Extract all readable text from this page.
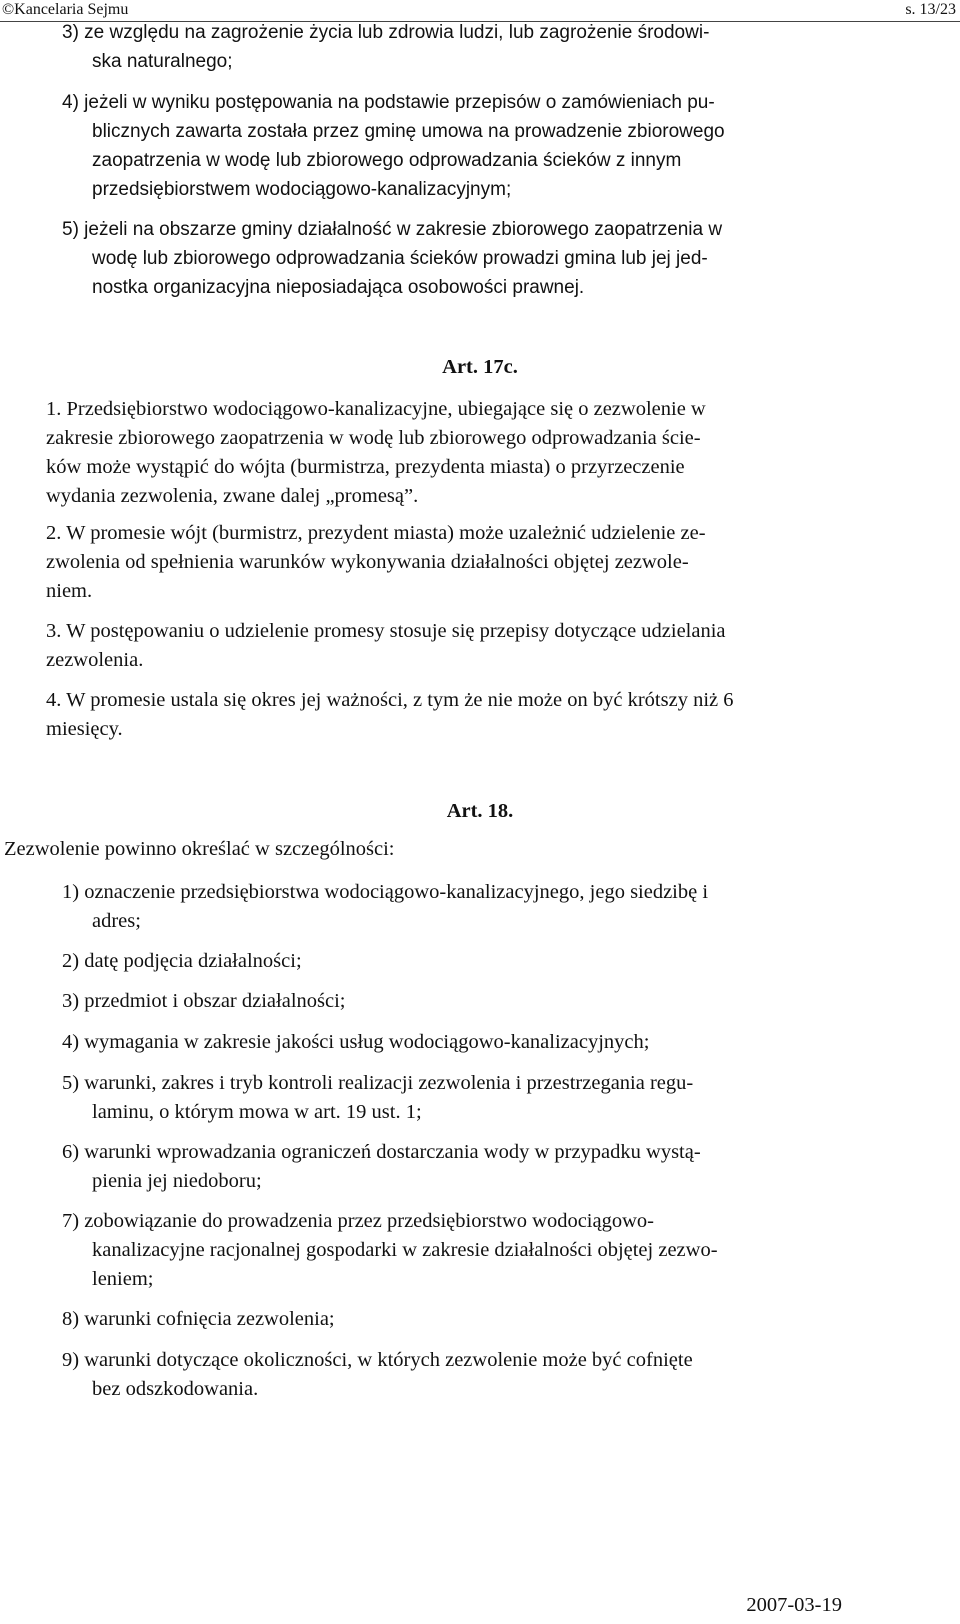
©Kancelaria Sejmu	s. 13/23
3) ze względu na zagrożenie życia lub zdrowia ludzi, lub zagrożenie środowi-
ska naturalnego;
4) jeżeli w wyniku postępowania na podstawie przepisów o zamówieniach pu-
blicznych zawarta została przez gminę umowa na prowadzenie zbiorowego
zaopatrzenia w wodę lub zbiorowego odprowadzania ścieków z innym
przedsiębiorstwem wodociągowo-kanalizacyjnym;
5) jeżeli na obszarze gminy działalność w zakresie zbiorowego zaopatrzenia w
wodę lub zbiorowego odprowadzania ścieków prowadzi gmina lub jej jed-
nostka organizacyjna nieposiadająca osobowości prawnej.
Art. 17c.
1. Przedsiębiorstwo wodociągowo-kanalizacyjne, ubiegające się o zezwolenie w
zakresie zbiorowego zaopatrzenia w wodę lub zbiorowego odprowadzania ście-
ków może wystąpić do wójta (burmistrza, prezydenta miasta) o przyrzeczenie
wydania zezwolenia, zwane dalej „promesą”.
2. W promesie wójt (burmistrz, prezydent miasta) może uzależnić udzielenie ze-
zwolenia od spełnienia warunków wykonywania działalności objętej zezwole-
niem.
3. W postępowaniu o udzielenie promesy stosuje się przepisy dotyczące udzielania
zezwolenia.
4. W promesie ustala się okres jej ważności, z tym że nie może on być krótszy niż 6
miesięcy.
Art. 18.
Zezwolenie powinno określać w szczególności:
1) oznaczenie przedsiębiorstwa wodociągowo-kanalizacyjnego, jego siedzibę i
adres;
2) datę podjęcia działalności;
3) przedmiot i obszar działalności;
4) wymagania w zakresie jakości usług wodociągowo-kanalizacyjnych;
5) warunki, zakres i tryb kontroli realizacji zezwolenia i przestrzegania regu-
laminu, o którym mowa w art. 19 ust. 1;
6) warunki wprowadzania ograniczeń dostarczania wody w przypadku wystą-
pienia jej niedoboru;
7) zobowiązanie do prowadzenia przez przedsiębiorstwo wodociągowo-
kanalizacyjne racjonalnej gospodarki w zakresie działalności objętej zezwo-
leniem;
8) warunki cofnięcia zezwolenia;
9) warunki dotyczące okoliczności, w których zezwolenie może być cofnięte
bez odszkodowania.
2007-03-19
